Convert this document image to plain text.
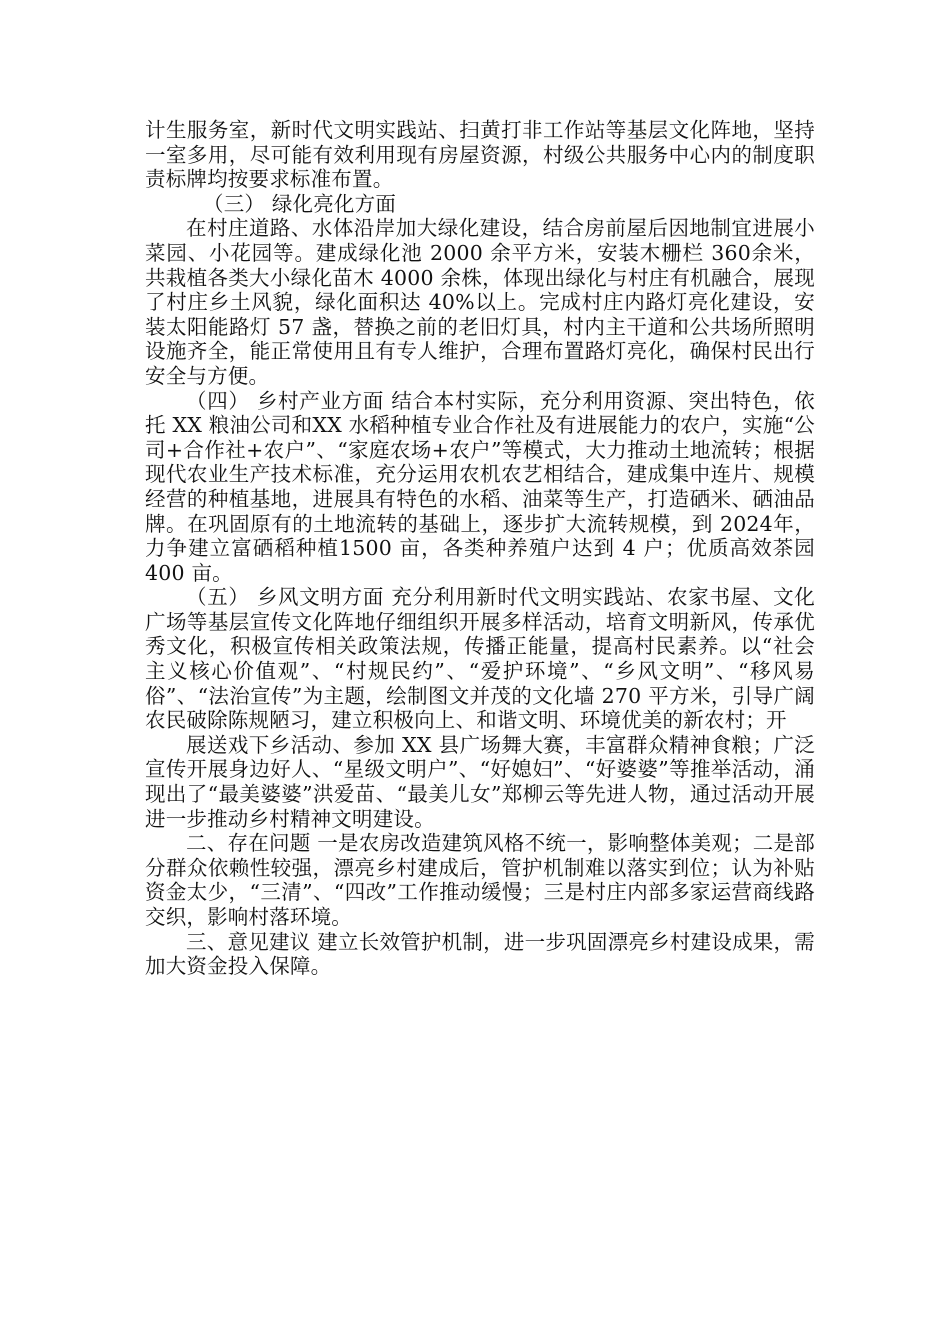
计生服务室，新时代文明实践站、扫黄打非工作站等基层文化阵地，坚持一室多用，尽可能有效利用现有房屋资源，村级公共服务中心内的制度职责标牌均按要求标准布置。

（三） 绿化亮化方面

在村庄道路、水体沿岸加大绿化建设，结合房前屋后因地制宜进展小菜园、小花园等。建成绿化池 2000 余平方米，安装木栅栏 360余米，共栽植各类大小绿化苗木 4000 余株，体现出绿化与村庄有机融合，展现了村庄乡土风貌，绿化面积达 40%以上。完成村庄内路灯亮化建设，安装太阳能路灯 57 盏，替换之前的老旧灯具，村内主干道和公共场所照明设施齐全，能正常使用且有专人维护，合理布置路灯亮化，确保村民出行安全与方便。

（四） 乡村产业方面 结合本村实际，充分利用资源、突出特色，依托 XX 粮油公司和XX 水稻种植专业合作社及有进展能力的农户，实施“公司+合作社+农户”、“家庭农场+农户”等模式，大力推动土地流转；根据现代农业生产技术标准，充分运用农机农艺相结合，建成集中连片、规模经营的种植基地，进展具有特色的水稻、油菜等生产，打造硒米、硒油品牌。在巩固原有的土地流转的基础上，逐步扩大流转规模，到 2024年，力争建立富硒稻种植1500 亩，各类种养殖户达到 4 户；优质高效茶园 400 亩。

（五） 乡风文明方面 充分利用新时代文明实践站、农家书屋、文化广场等基层宣传文化阵地仔细组织开展多样活动，培育文明新风，传承优秀文化，积极宣传相关政策法规，传播正能量，提高村民素养。以“社会主义核心价值观”、“村规民约”、“爱护环境”、“乡风文明”、“移风易俗”、“法治宣传”为主题，绘制图文并茂的文化墙 270 平方米，引导广阔农民破除陈规陋习，建立积极向上、和谐文明、环境优美的新农村；开

展送戏下乡活动、参加 XX 县广场舞大赛，丰富群众精神食粮；广泛宣传开展身边好人、“星级文明户”、“好媳妇”、“好婆婆”等推举活动，涌现出了“最美婆婆”洪爱苗、“最美儿女”郑柳云等先进人物，通过活动开展进一步推动乡村精神文明建设。

二、存在问题 一是农房改造建筑风格不统一，影响整体美观；二是部分群众依赖性较强，漂亮乡村建成后，管护机制难以落实到位；认为补贴资金太少，“三清”、“四改”工作推动缓慢；三是村庄内部多家运营商线路交织，影响村落环境。

三、意见建议 建立长效管护机制，进一步巩固漂亮乡村建设成果，需加大资金投入保障。
